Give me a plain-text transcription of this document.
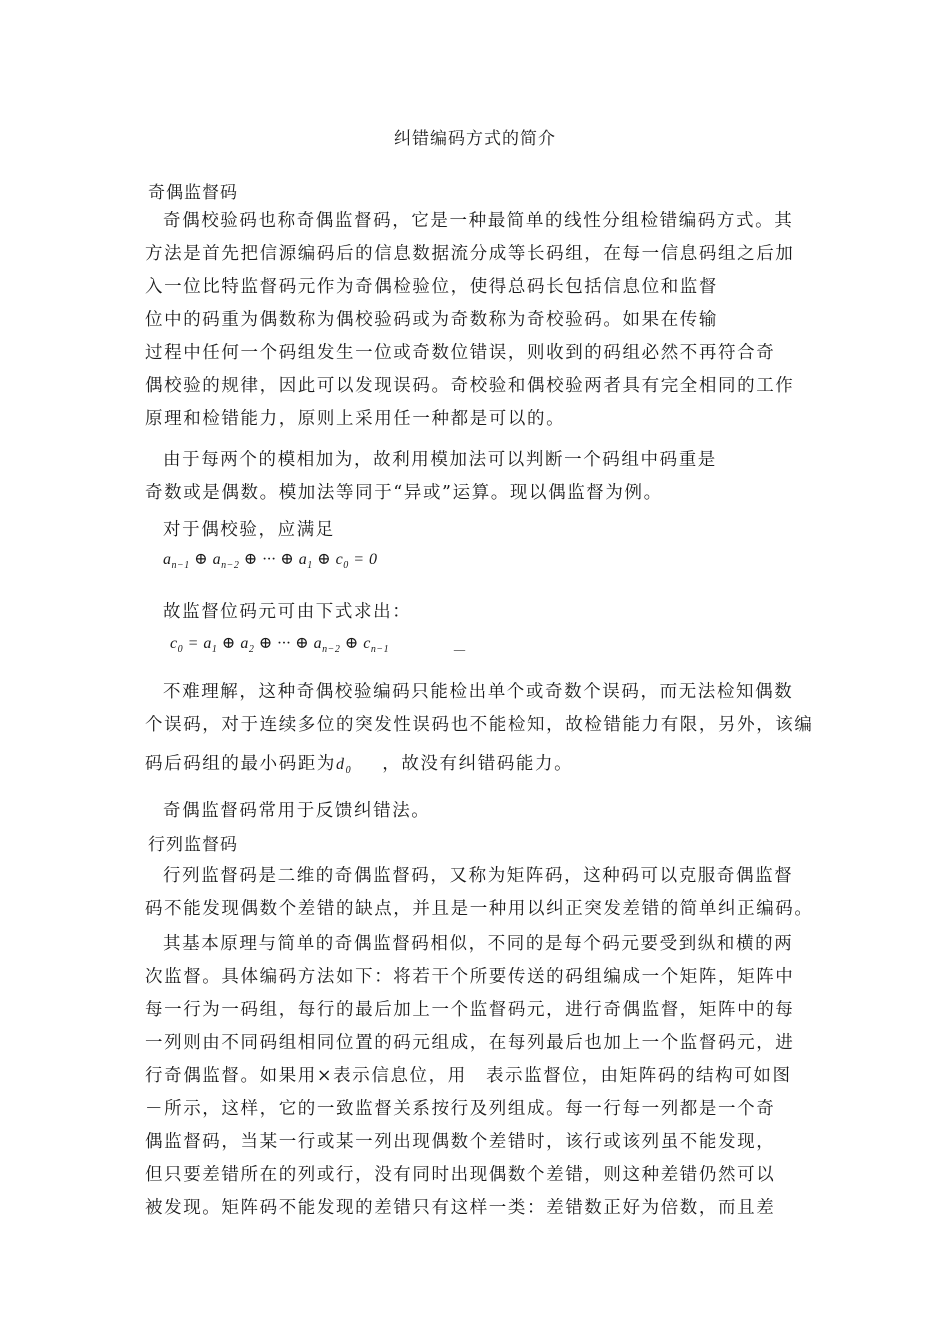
纠错编码方式的简介
奇偶监督码
奇偶校验码也称奇偶监督码，它是一种最简单的线性分组检错编码方式。其
方法是首先把信源编码后的信息数据流分成等长码组，在每一信息码组之后加
入一位比特监督码元作为奇偶检验位，使得总码长包括信息位和监督
位中的码重为偶数称为偶校验码或为奇数称为奇校验码。如果在传输
过程中任何一个码组发生一位或奇数位错误，则收到的码组必然不再符合奇
偶校验的规律，因此可以发现误码。奇校验和偶校验两者具有完全相同的工作
原理和检错能力，原则上采用任一种都是可以的。
由于每两个的模相加为，故利用模加法可以判断一个码组中码重是
奇数或是偶数。模加法等同于“异或”运算。现以偶监督为例。
对于偶校验，应满足
$a_{n-1}$ ⊕ $a_{n-2}$ ⊕ ··· ⊕ $a_1$ ⊕ $c_0 = 0$
故监督位码元可由下式求出：
$c_0 = a_1$ ⊕ $a_2$ ⊕ ··· ⊕ $a_{n-2}$ ⊕ $c_{n-1}$	－
不难理解，这种奇偶校验编码只能检出单个或奇数个误码，而无法检知偶数
个误码，对于连续多位的突发性误码也不能检知，故检错能力有限，另外，该编
码后码组的最小码距为$d_0$ ，故没有纠错码能力。
奇偶监督码常用于反馈纠错法。
行列监督码
行列监督码是二维的奇偶监督码，又称为矩阵码，这种码可以克服奇偶监督
码不能发现偶数个差错的缺点，并且是一种用以纠正突发差错的简单纠正编码。
其基本原理与简单的奇偶监督码相似，不同的是每个码元要受到纵和横的两
次监督。具体编码方法如下：将若干个所要传送的码组编成一个矩阵，矩阵中
每一行为一码组，每行的最后加上一个监督码元，进行奇偶监督，矩阵中的每
一列则由不同码组相同位置的码元组成，在每列最后也加上一个监督码元，进
行奇偶监督。如果用×表示信息位，用　表示监督位，由矩阵码的结构可如图
－所示，这样，它的一致监督关系按行及列组成。每一行每一列都是一个奇
偶监督码，当某一行或某一列出现偶数个差错时，该行或该列虽不能发现，
但只要差错所在的列或行，没有同时出现偶数个差错，则这种差错仍然可以
被发现。矩阵码不能发现的差错只有这样一类：差错数正好为倍数，而且差
